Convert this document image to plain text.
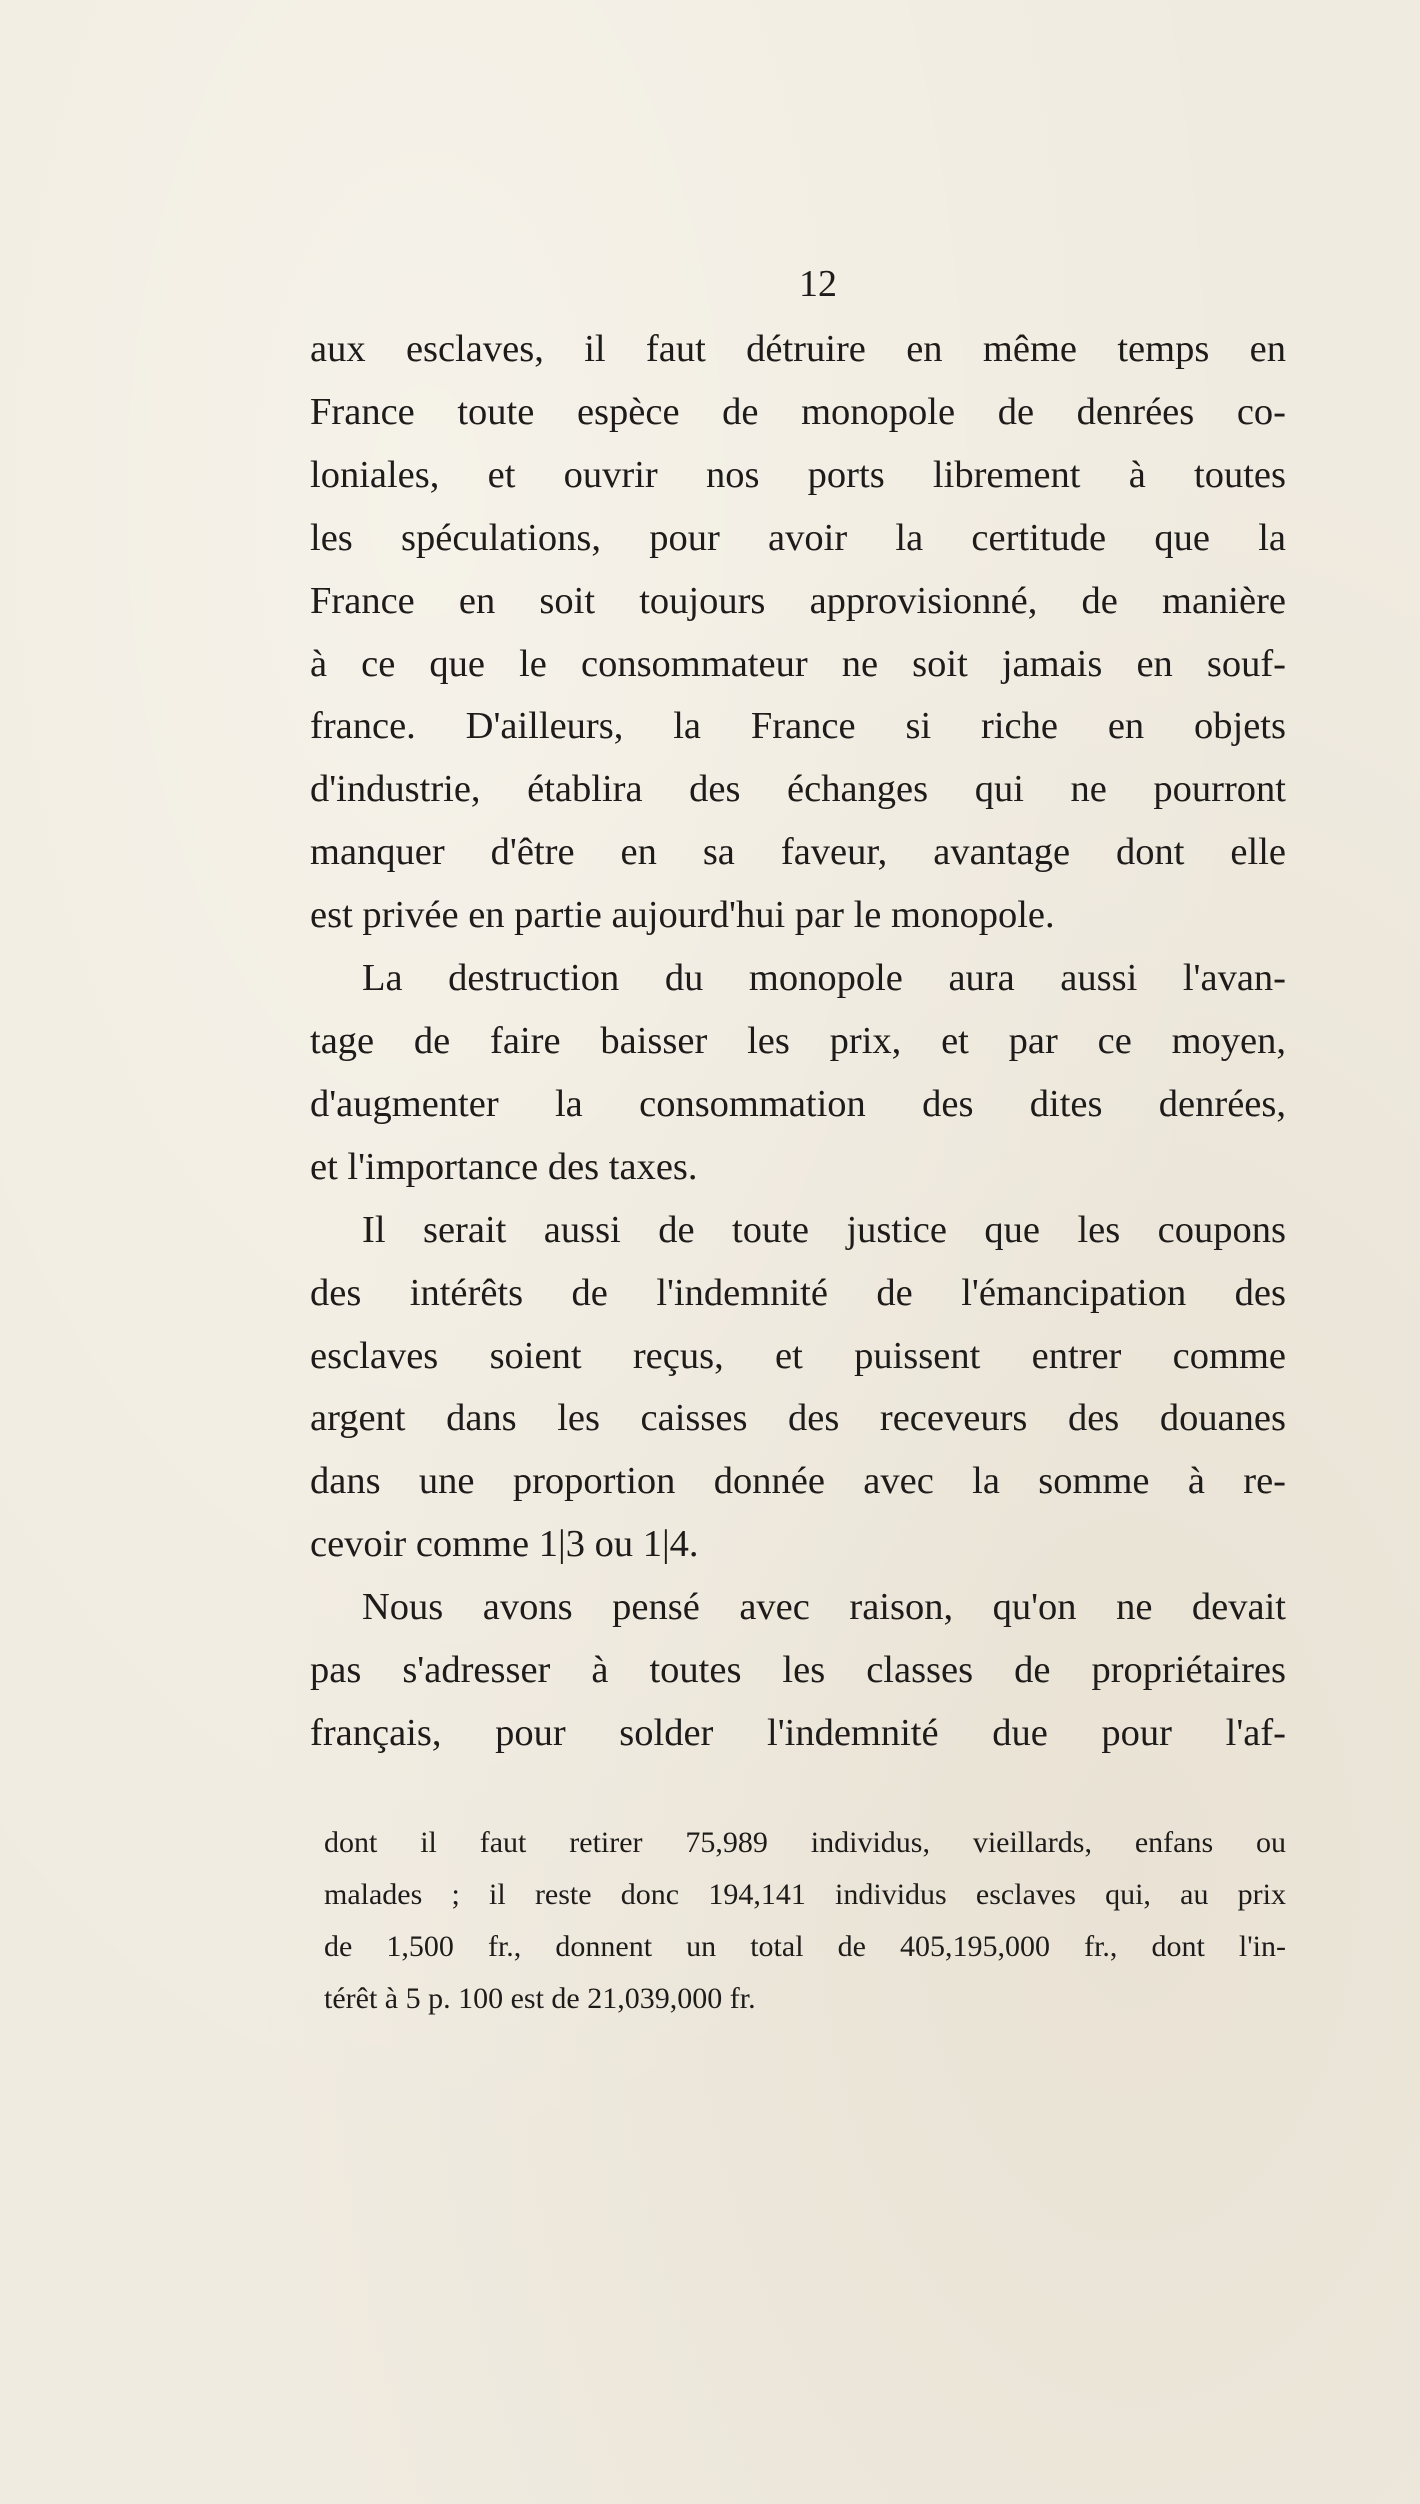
12
aux esclaves, il faut détruire en même temps en
France toute espèce de monopole de denrées co-
loniales, et ouvrir nos ports librement à toutes
les spéculations, pour avoir la certitude que la
France en soit toujours approvisionné, de manière
à ce que le consommateur ne soit jamais en souf-
france. D'ailleurs, la France si riche en objets
d'industrie, établira des échanges qui ne pourront
manquer d'être en sa faveur, avantage dont elle
est privée en partie aujourd'hui par le monopole.
La destruction du monopole aura aussi l'avan-
tage de faire baisser les prix, et par ce moyen,
d'augmenter la consommation des dites denrées,
et l'importance des taxes.
Il serait aussi de toute justice que les coupons
des intérêts de l'indemnité de l'émancipation des
esclaves soient reçus, et puissent entrer comme
argent dans les caisses des receveurs des douanes
dans une proportion donnée avec la somme à re-
cevoir comme 1|3 ou 1|4.
Nous avons pensé avec raison, qu'on ne devait
pas s'adresser à toutes les classes de propriétaires
français, pour solder l'indemnité due pour l'af-
dont il faut retirer 75,989 individus, vieillards, enfans ou
malades ; il reste donc 194,141 individus esclaves qui, au prix
de 1,500 fr., donnent un total de 405,195,000 fr., dont l'in-
térêt à 5 p. 100 est de 21,039,000 fr.
